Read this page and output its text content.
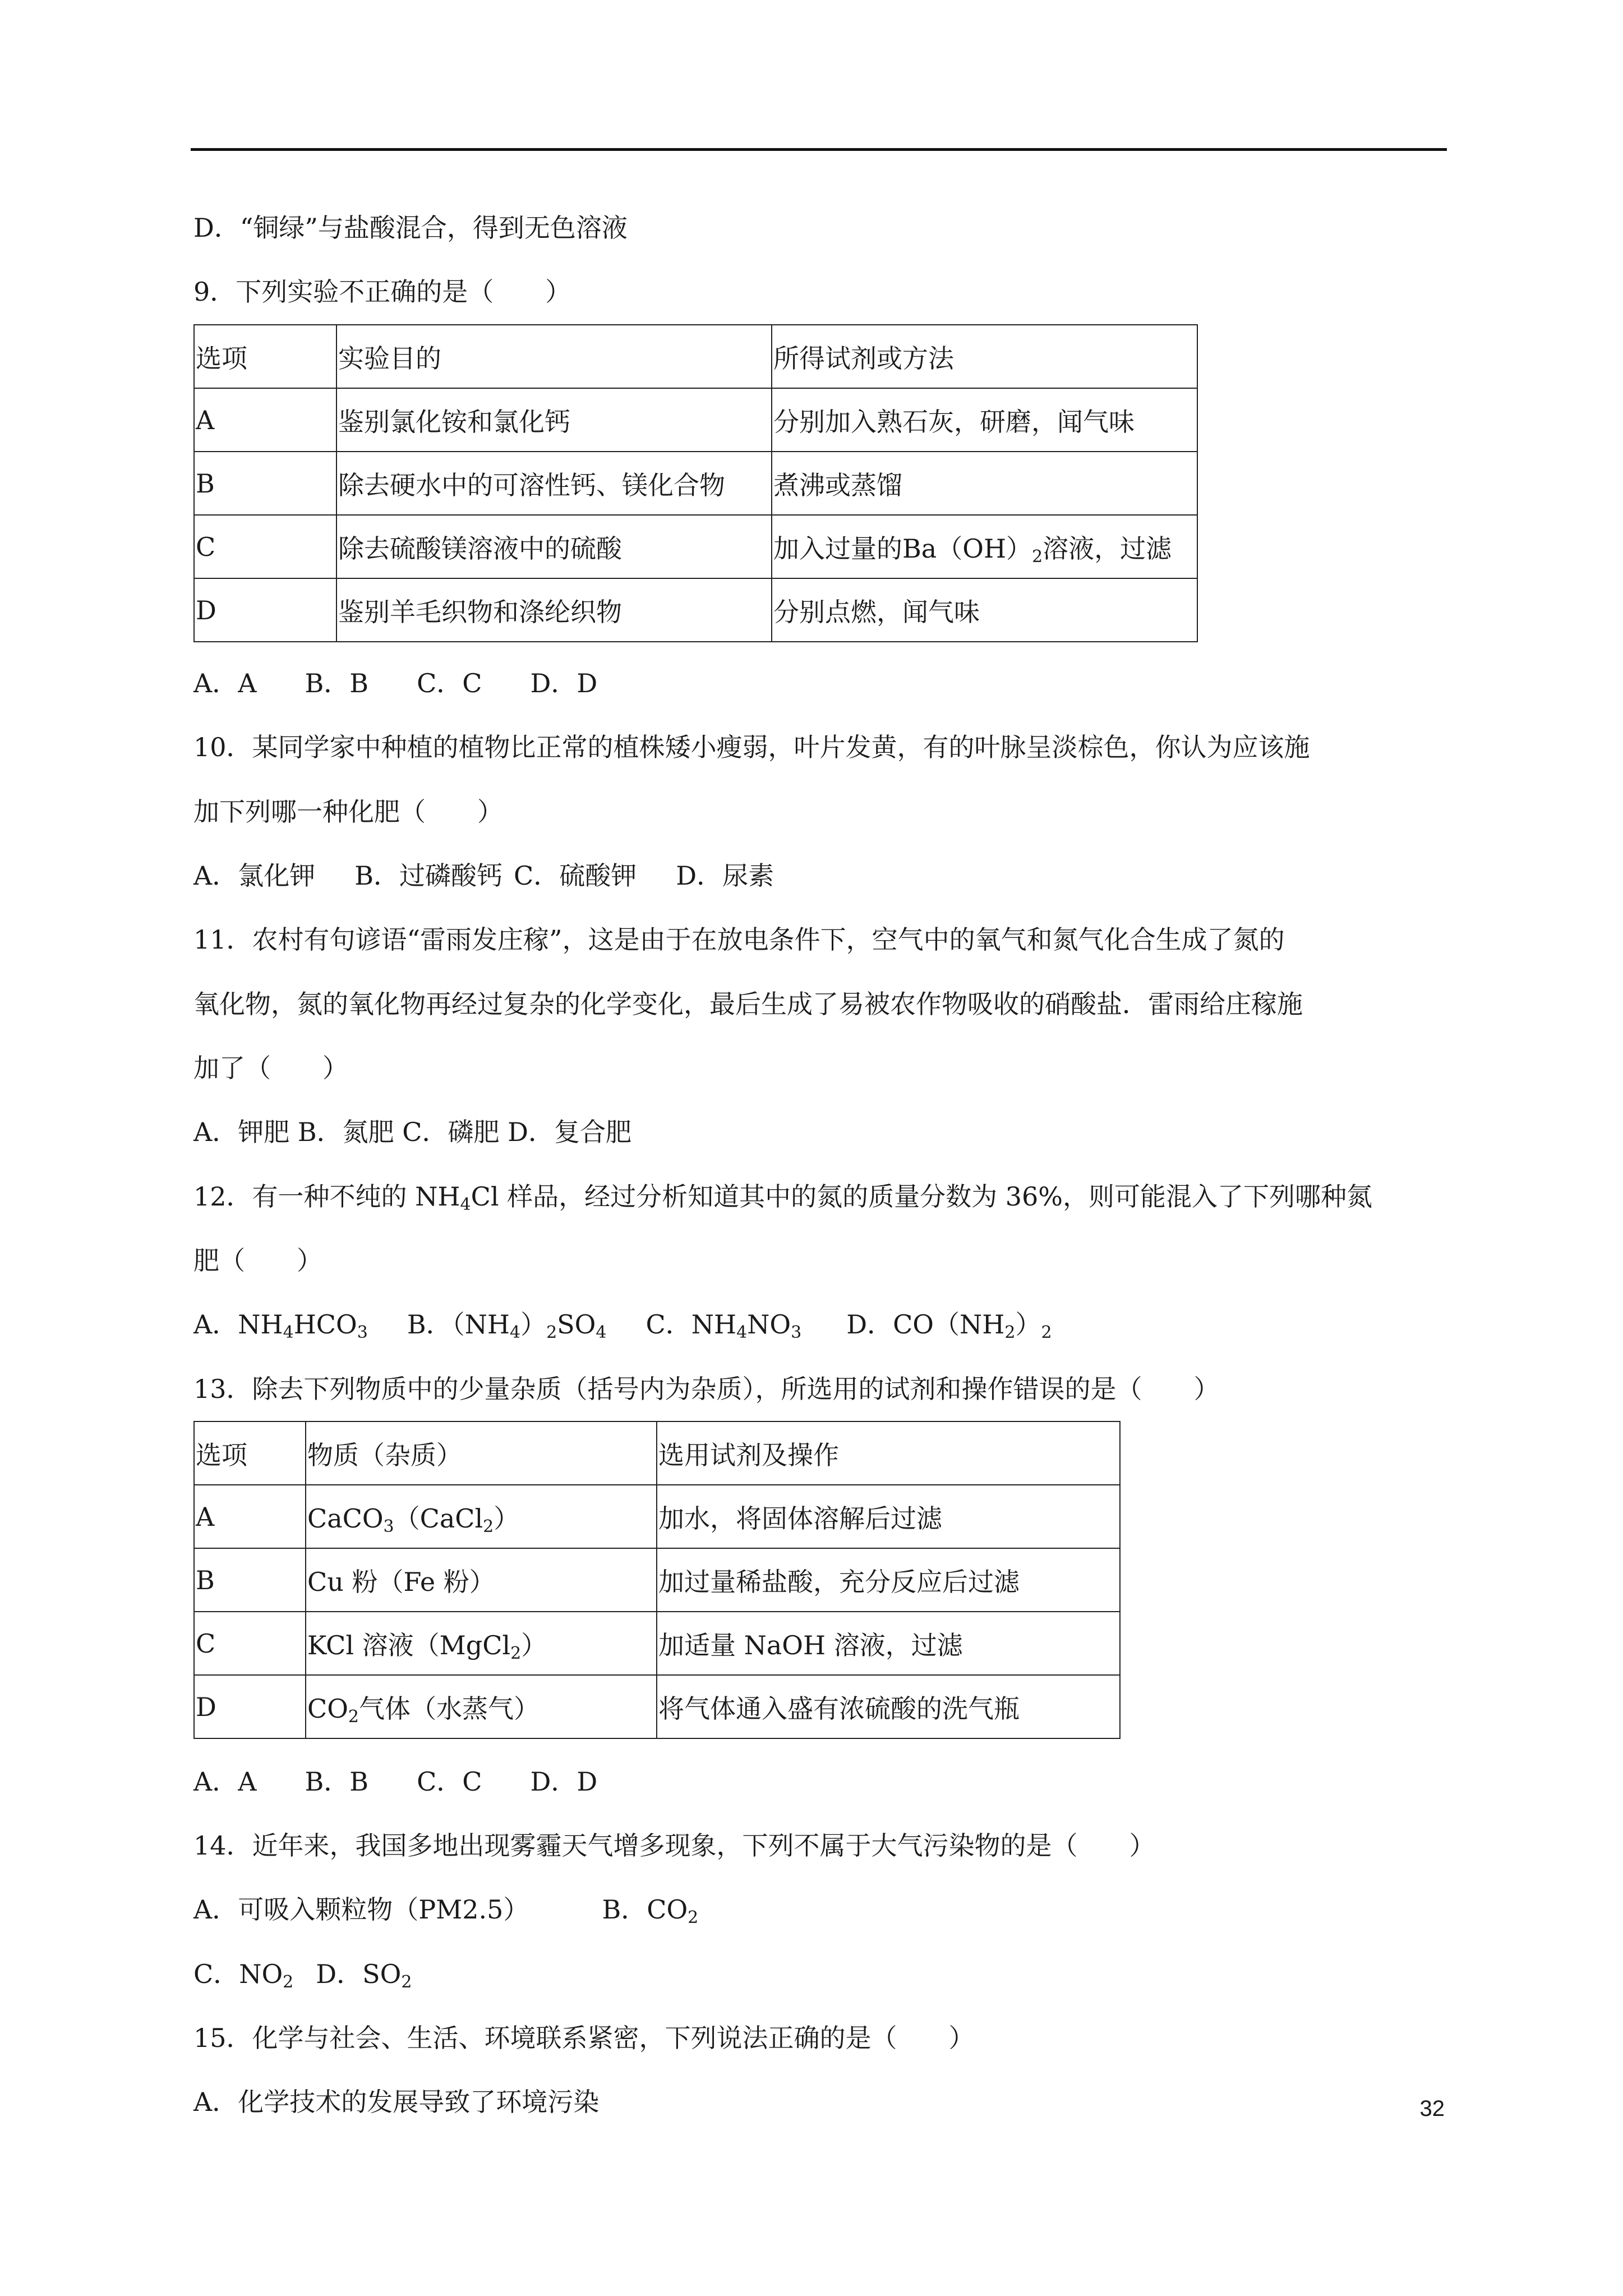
D．“铜绿”与盐酸混合，得到无色溶液
9．下列实验不正确的是（　　）
选项	实验目的	所得试剂或方法
A	鉴别氯化铵和氯化钙	分别加入熟石灰，研磨，闻气味
B	除去硬水中的可溶性钙、镁化合物	煮沸或蒸馏
C	除去硫酸镁溶液中的硫酸	加入过量的$Ba(OH)_2$溶液，过滤
D	鉴别羊毛织物和涤纶织物	分别点燃，闻气味
A．A B．B C．C D．D
10．某同学家中种植的植物比正常的植株矮小瘦弱，叶片发黄，有的叶脉呈淡棕色，你认为应该施
加下列哪一种化肥（　　）
A．氯化钾 B．过磷酸钙 C．硫酸钾 D．尿素
11．农村有句谚语“雷雨发庄稼”，这是由于在放电条件下，空气中的氧气和氮气化合生成了氮的
氧化物，氮的氧化物再经过复杂的化学变化，最后生成了易被农作物吸收的硝酸盐．雷雨给庄稼施
加了（　　）
A．钾肥 B．氮肥 C．磷肥 D．复合肥
12．有一种不纯的 $NH_4Cl$ 样品，经过分析知道其中的氮的质量分数为 36%，则可能混入了下列哪种氮
肥（　　）
A．$NH_4HCO_3$ B．$(NH_4)_2SO_4$ C．$NH_4NO_3$ D．$CO(NH_2)_2$
13．除去下列物质中的少量杂质（括号内为杂质），所选用的试剂和操作错误的是（　　）
选项	物质（杂质）	选用试剂及操作
A	CaCO$_3$（CaCl$_2$）	加水，将固体溶解后过滤
B	Cu 粉（Fe 粉）	加过量稀盐酸，充分反应后过滤
C	KCl 溶液（MgCl$_2$）	加适量 NaOH 溶液，过滤
D	$CO_2$气体（水蒸气）	将气体通入盛有浓硫酸的洗气瓶
A．A B．B C．C D．D
14．近年来，我国多地出现雾霾天气增多现象，下列不属于大气污染物的是（　　）
A．可吸入颗粒物（PM2.5）	B．$CO_2$
C．$NO_2$ D．$SO_2$
15．化学与社会、生活、环境联系紧密，下列说法正确的是（　　）
A．化学技术的发展导致了环境污染	32
